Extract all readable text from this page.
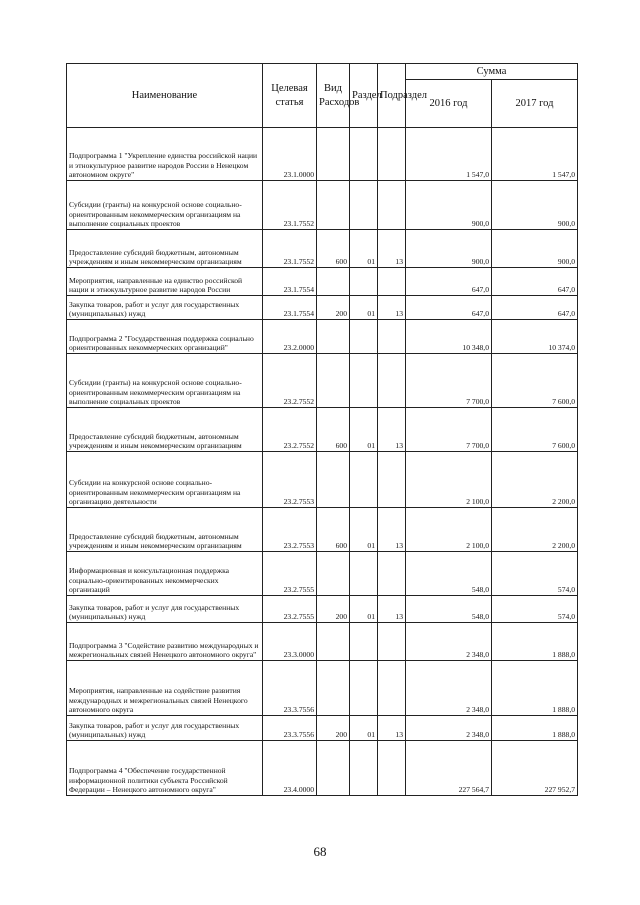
Наименование	Целевая статья	Вид Расходов	Раздел	Подраздел	Сумма	
					2016 год	2017 год
Подпрограмма 1 "Укрепление единства российской нации и этнокультурное развитие народов России в Ненецком автономном округе"	23.1.0000				1 547,0	1 547,0
Субсидии (гранты) на конкурсной основе социально-ориентированным некоммерческим организациям на выполнение социальных проектов	23.1.7552				900,0	900,0
Предоставление субсидий бюджетным, автономным учреждениям и иным некоммерческим организациям	23.1.7552	600	01	13	900,0	900,0
Мероприятия, направленные на единство российской нации и этнокультурное развитие народов России	23.1.7554				647,0	647,0
Закупка товаров, работ и услуг для государственных (муниципальных) нужд	23.1.7554	200	01	13	647,0	647,0
Подпрограмма 2 "Государственная поддержка социально ориентированных некоммерческих организаций"	23.2.0000				10 348,0	10 374,0
Субсидии (гранты) на конкурсной основе социально-ориентированным некоммерческим организациям на выполнение социальных проектов	23.2.7552				7 700,0	7 600,0
Предоставление субсидий бюджетным, автономным учреждениям и иным некоммерческим организациям	23.2.7552	600	01	13	7 700,0	7 600,0
Субсидии на конкурсной основе социально-ориентированным некоммерческим организациям на организацию деятельности	23.2.7553				2 100,0	2 200,0
Предоставление субсидий бюджетным, автономным учреждениям и иным некоммерческим организациям	23.2.7553	600	01	13	2 100,0	2 200,0
Информационная и консультационная поддержка социально-ориентированных некоммерческих организаций	23.2.7555				548,0	574,0
Закупка товаров, работ и услуг для государственных (муниципальных) нужд	23.2.7555	200	01	13	548,0	574,0
Подпрограмма 3 "Содействие развитию международных и межрегиональных связей Ненецкого автономного округа"	23.3.0000				2 348,0	1 888,0
Мероприятия, направленные на содействие развития международных и межрегиональных связей Ненецкого автономного округа	23.3.7556				2 348,0	1 888,0
Закупка товаров, работ и услуг для государственных (муниципальных) нужд	23.3.7556	200	01	13	2 348,0	1 888,0
Подпрограмма 4 "Обеспечение государственной информационной политики субъекта Российской Федерации – Ненецкого автономного округа"	23.4.0000				227 564,7	227 952,7
68
